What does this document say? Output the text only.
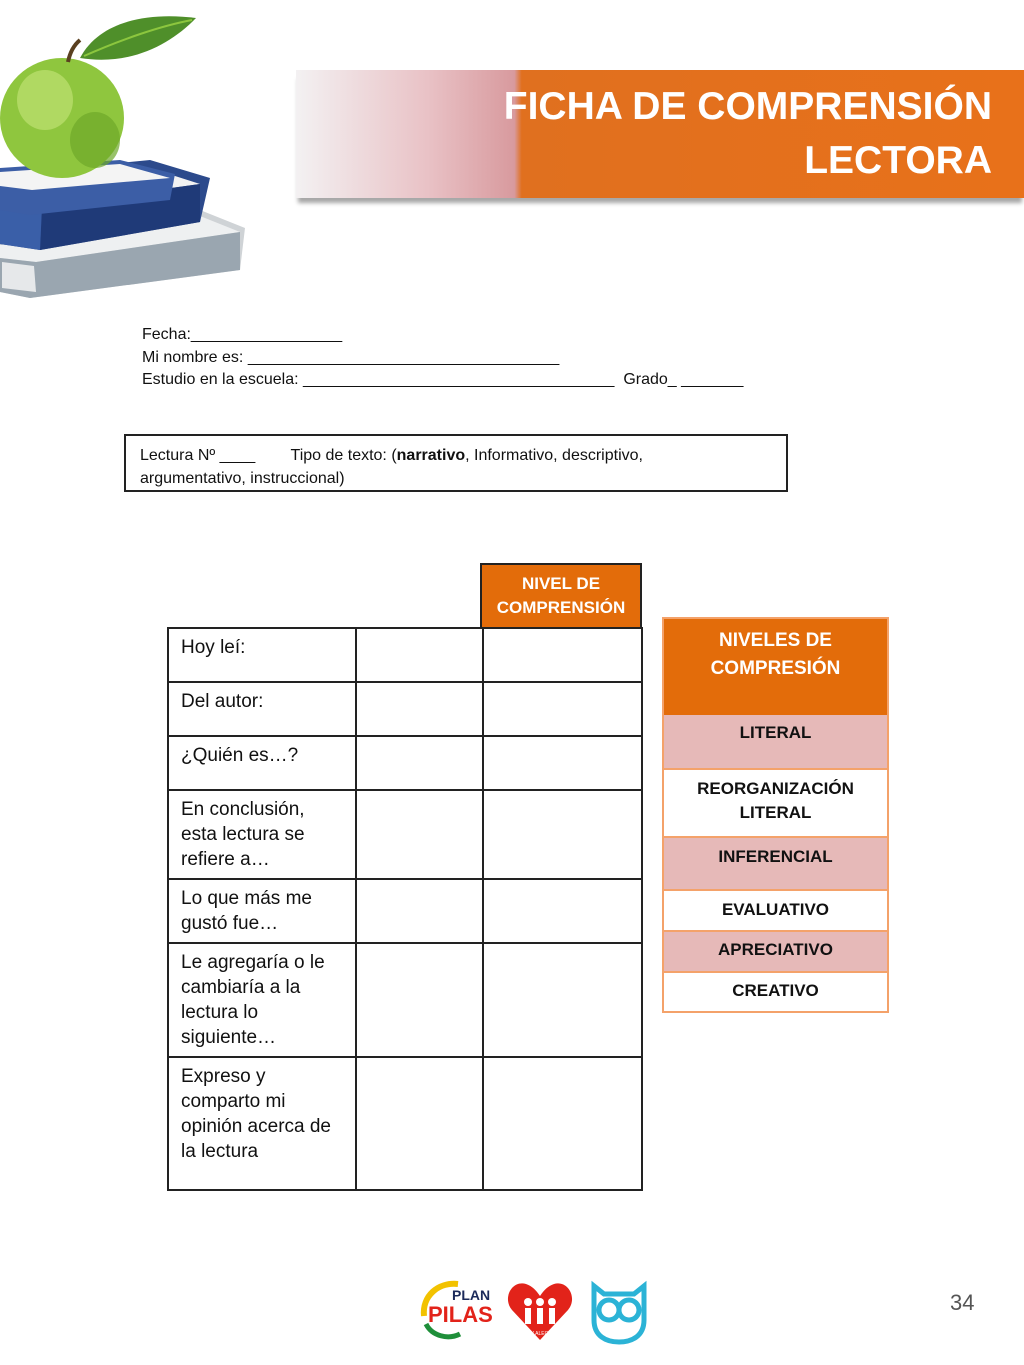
FICHA DE COMPRENSIÓN
LECTORA
Fecha:_________________
Mi nombre es: ___________________________________
Estudio en la escuela: ___________________________________  Grado_ _______
Lectura Nº ____        Tipo de texto: (narrativo, Informativo, descriptivo,
argumentativo, instruccional)
NIVEL DE COMPRENSIÓN
Hoy leí:		
Del autor:		
¿Quién es…?		
En conclusión, esta lectura se refiere a…		
Lo que más me gustó fue…		
Le agregaría o le cambiaría a la lectura lo siguiente…		
Expreso y comparto mi opinión acerca de la lectura		
NIVELES DE COMPRESIÓN
LITERAL
REORGANIZACIÓN LITERAL
INFERENCIAL
EVALUATIVO
APRECIATIVO
CREATIVO
PLAN
PILAS
FE Y ALEGRIA
34
